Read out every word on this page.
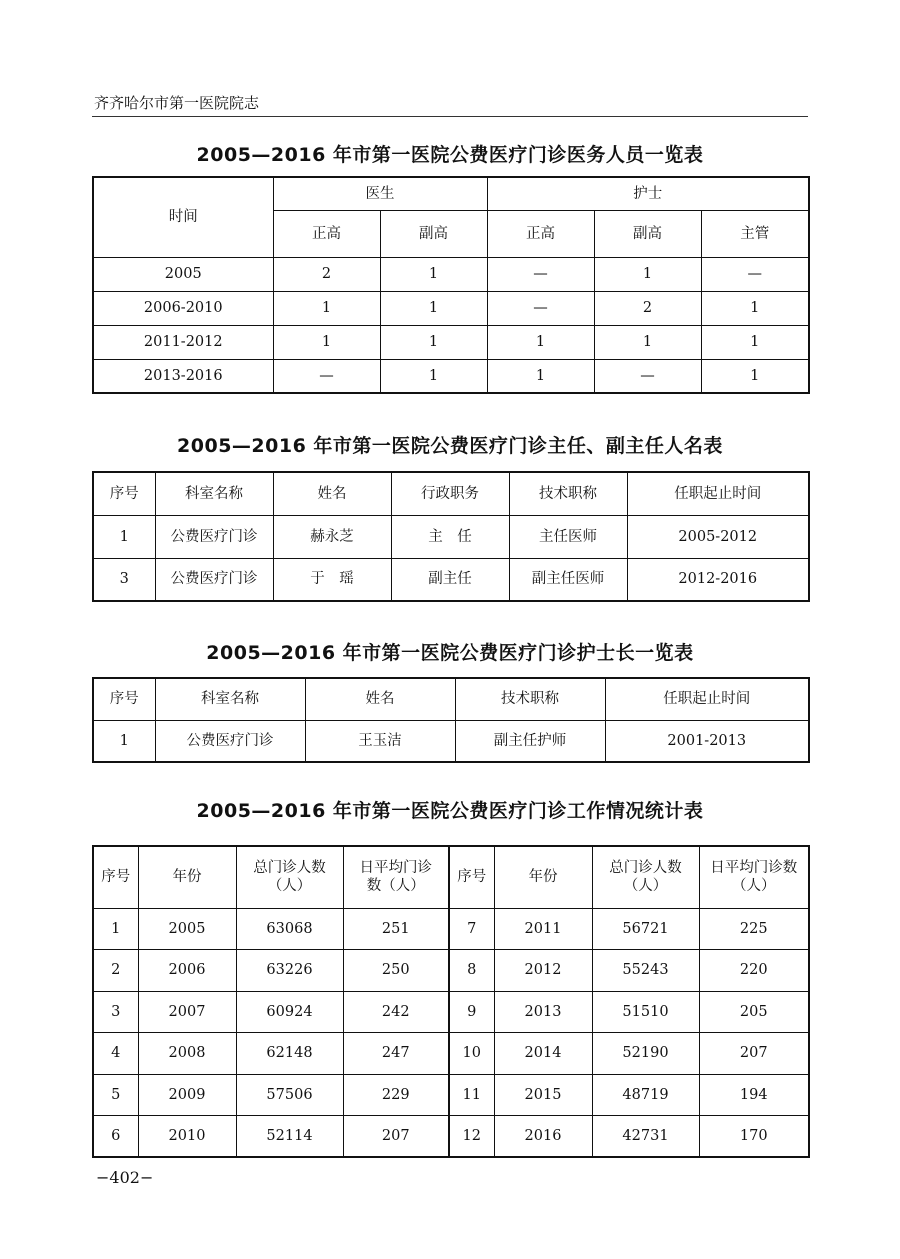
齐齐哈尔市第一医院院志
2005—2016 年市第一医院公费医疗门诊医务人员一览表
时间	医生		护士		
	正高	副高	正高	副高	主管
2005	2	1	—	1	—
2006-2010	1	1	—	2	1
2011-2012	1	1	1	1	1
2013-2016	—	1	1	—	1
2005—2016 年市第一医院公费医疗门诊主任、副主任人名表
序号	科室名称	姓名	行政职务	技术职称	任职起止时间
1	公费医疗门诊	赫永芝	主　任	主任医师	2005-2012
3	公费医疗门诊	于　瑶	副主任	副主任医师	2012-2016
2005—2016 年市第一医院公费医疗门诊护士长一览表
序号	科室名称	姓名	技术职称	任职起止时间
1	公费医疗门诊	王玉洁	副主任护师	2001-2013
2005—2016 年市第一医院公费医疗门诊工作情况统计表
序号	年份	总门诊人数（人）	日平均门诊数（人）	序号	年份	总门诊人数（人）	日平均门诊数（人）
1	2005	63068	251	7	2011	56721	225
2	2006	63226	250	8	2012	55243	220
3	2007	60924	242	9	2013	51510	205
4	2008	62148	247	10	2014	52190	207
5	2009	57506	229	11	2015	48719	194
6	2010	52114	207	12	2016	42731	170
−402−
